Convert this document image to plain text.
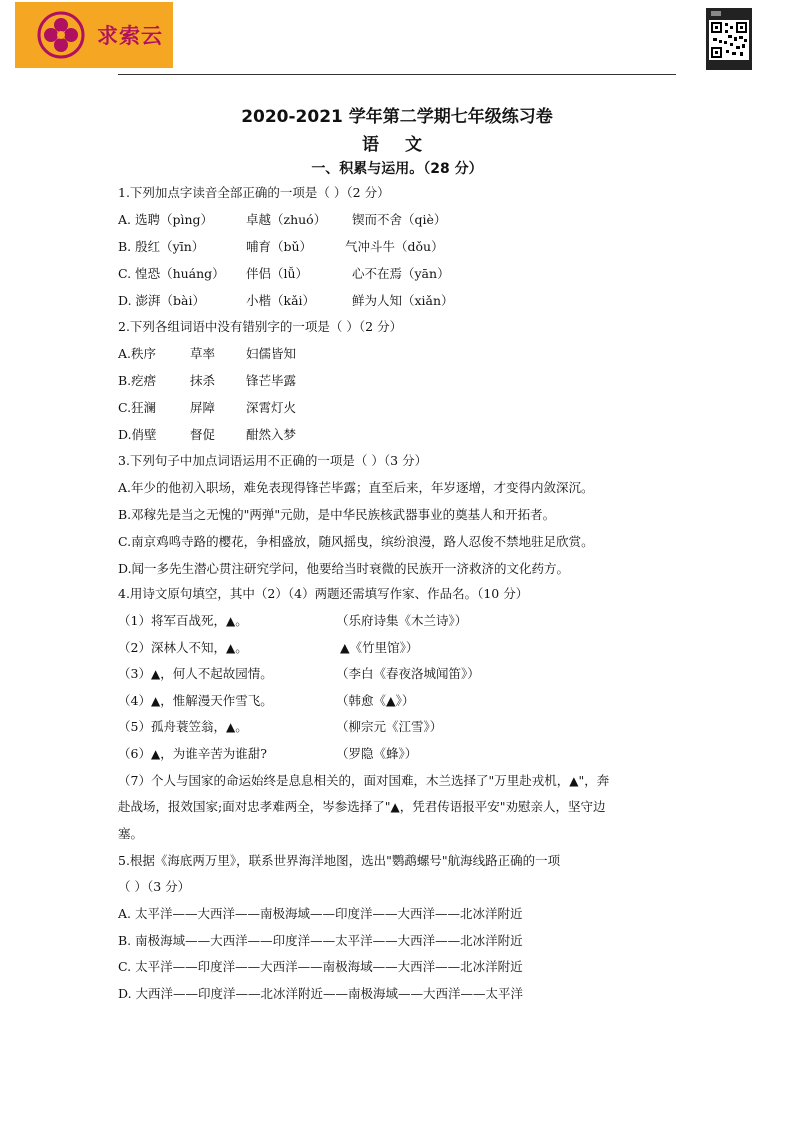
求索云
2020-2021 学年第二学期七年级练习卷
语 文
一、积累与运用。（28 分）
1.下列加点字读音全部正确的一项是（ ）（2 分）
A. 选聘（pìng）	卓越（zhuó） 锲而不舍（qiè）
B. 殷红（yīn）	哺育（bǔ）	气冲斗牛（dǒu）
C. 惶恐（huáng） 伴侣（lǚ）	心不在焉（yān）
D. 澎湃（bài）	小楷（kǎi）	鲜为人知（xiǎn）
2.下列各组词语中没有错别字的一项是（ ）（2 分）
A.秩序	草率 妇儒皆知
B.疙瘩	抹杀 锋芒毕露
C.狂澜	屏障 深霄灯火
D.俏壁	督促 酣然入梦
3.下列句子中加点词语运用不正确的一项是（ ）（3 分）
A.年少的他初入职场，难免表现得锋芒毕露；直至后来，年岁逐增，才变得内敛深沉。
B.邓稼先是当之无愧的"两弹"元勋，是中华民族核武器事业的奠基人和开拓者。
C.南京鸡鸣寺路的樱花，争相盛放，随风摇曳，缤纷浪漫，路人忍俊不禁地驻足欣赏。
D.闻一多先生潜心贯注研究学问，他要给当时衰微的民族开一济救济的文化药方。
4.用诗文原句填空，其中（2）（4）两题还需填写作家、作品名。（10 分）
（1）将军百战死，▲。	（乐府诗集《木兰诗》）
（2）深林人不知，▲。	▲《竹里馆》）
（3）▲，何人不起故园情。	（李白《春夜洛城闻笛》）
（4）▲，惟解漫天作雪飞。	（韩愈《▲》）
（5）孤舟蓑笠翁，▲。	（柳宗元《江雪》）
（6）▲，为谁辛苦为谁甜?	（罗隐《蜂》）
（7）个人与国家的命运始终是息息相关的，面对国难，木兰选择了"万里赴戎机，▲"，奔
赴战场，报效国家;面对忠孝难两全，岑参选择了"▲，凭君传语报平安"劝慰亲人，坚守边
塞。
5.根据《海底两万里》，联系世界海洋地图，选出"鹦鹉螺号"航海线路正确的一项
（ ）（3 分）
A. 太平洋——大西洋——南极海域——印度洋——大西洋——北冰洋附近
B. 南极海域——大西洋——印度洋——太平洋——大西洋——北冰洋附近
C. 太平洋——印度洋——大西洋——南极海域——大西洋——北冰洋附近
D. 大西洋——印度洋——北冰洋附近——南极海域——大西洋——太平洋
